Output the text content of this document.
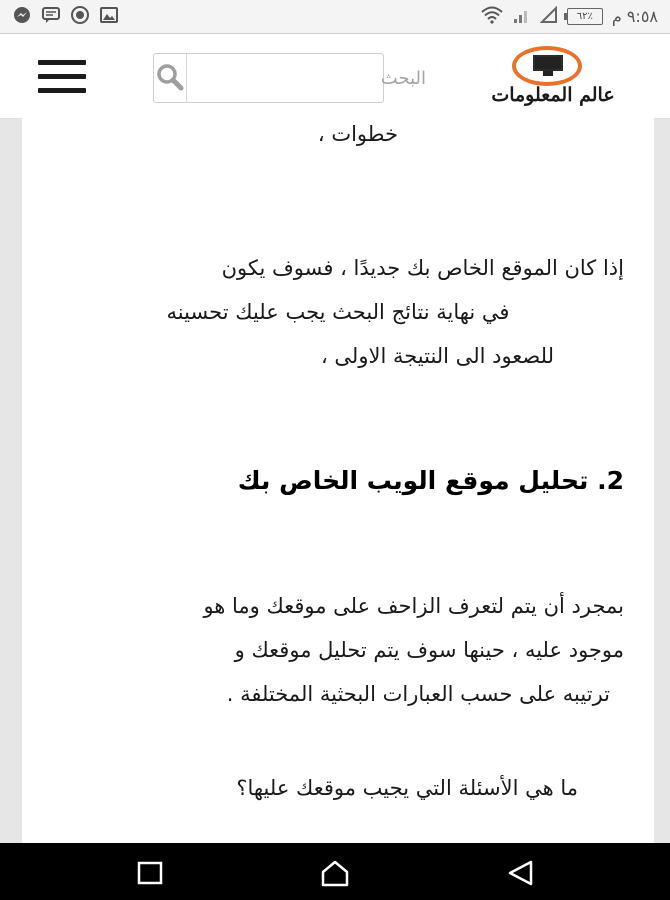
٦٢٪	٩:٥٨ م
البحث
عالم المعلومات

خطوات ،

إذا كان الموقع الخاص بك جديدًا ، فسوف يكون

في نهاية نتائج البحث يجب عليك تحسينه

للصعود الى النتيجة الاولى ،

2. تحليل موقع الويب الخاص بك

بمجرد أن يتم لتعرف الزاحف على موقعك وما هو

موجود عليه ، حينها سوف يتم تحليل موقعك و

ترتيبه على حسب العبارات البحثية المختلفة .

ما هي الأسئلة التي يجيب موقعك عليها؟
